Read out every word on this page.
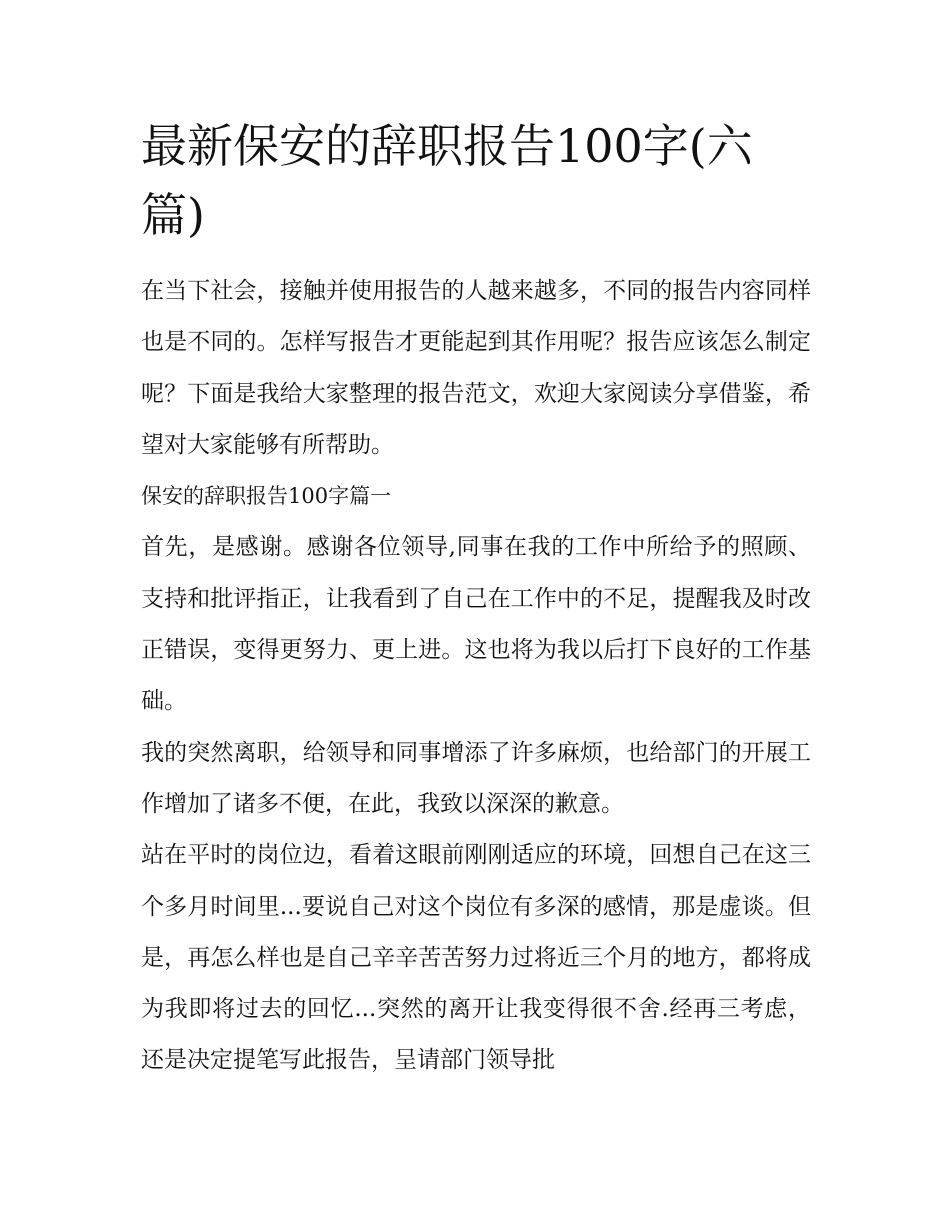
最新保安的辞职报告100字(六篇)

在当下社会，接触并使用报告的人越来越多，不同的报告内容同样也是不同的。怎样写报告才更能起到其作用呢？报告应该怎么制定呢？下面是我给大家整理的报告范文，欢迎大家阅读分享借鉴，希望对大家能够有所帮助。

保安的辞职报告100字篇一

首先，是感谢。感谢各位领导,同事在我的工作中所给予的照顾、支持和批评指正，让我看到了自己在工作中的不足，提醒我及时改正错误，变得更努力、更上进。这也将为我以后打下良好的工作基础。

我的突然离职，给领导和同事增添了许多麻烦，也给部门的开展工作增加了诸多不便，在此，我致以深深的歉意。

站在平时的岗位边，看着这眼前刚刚适应的环境，回想自己在这三个多月时间里...要说自己对这个岗位有多深的感情，那是虚谈。但是，再怎么样也是自己辛辛苦苦努力过将近三个月的地方，都将成为我即将过去的回忆...突然的离开让我变得很不舍.经再三考虑，还是决定提笔写此报告，呈请部门领导批
